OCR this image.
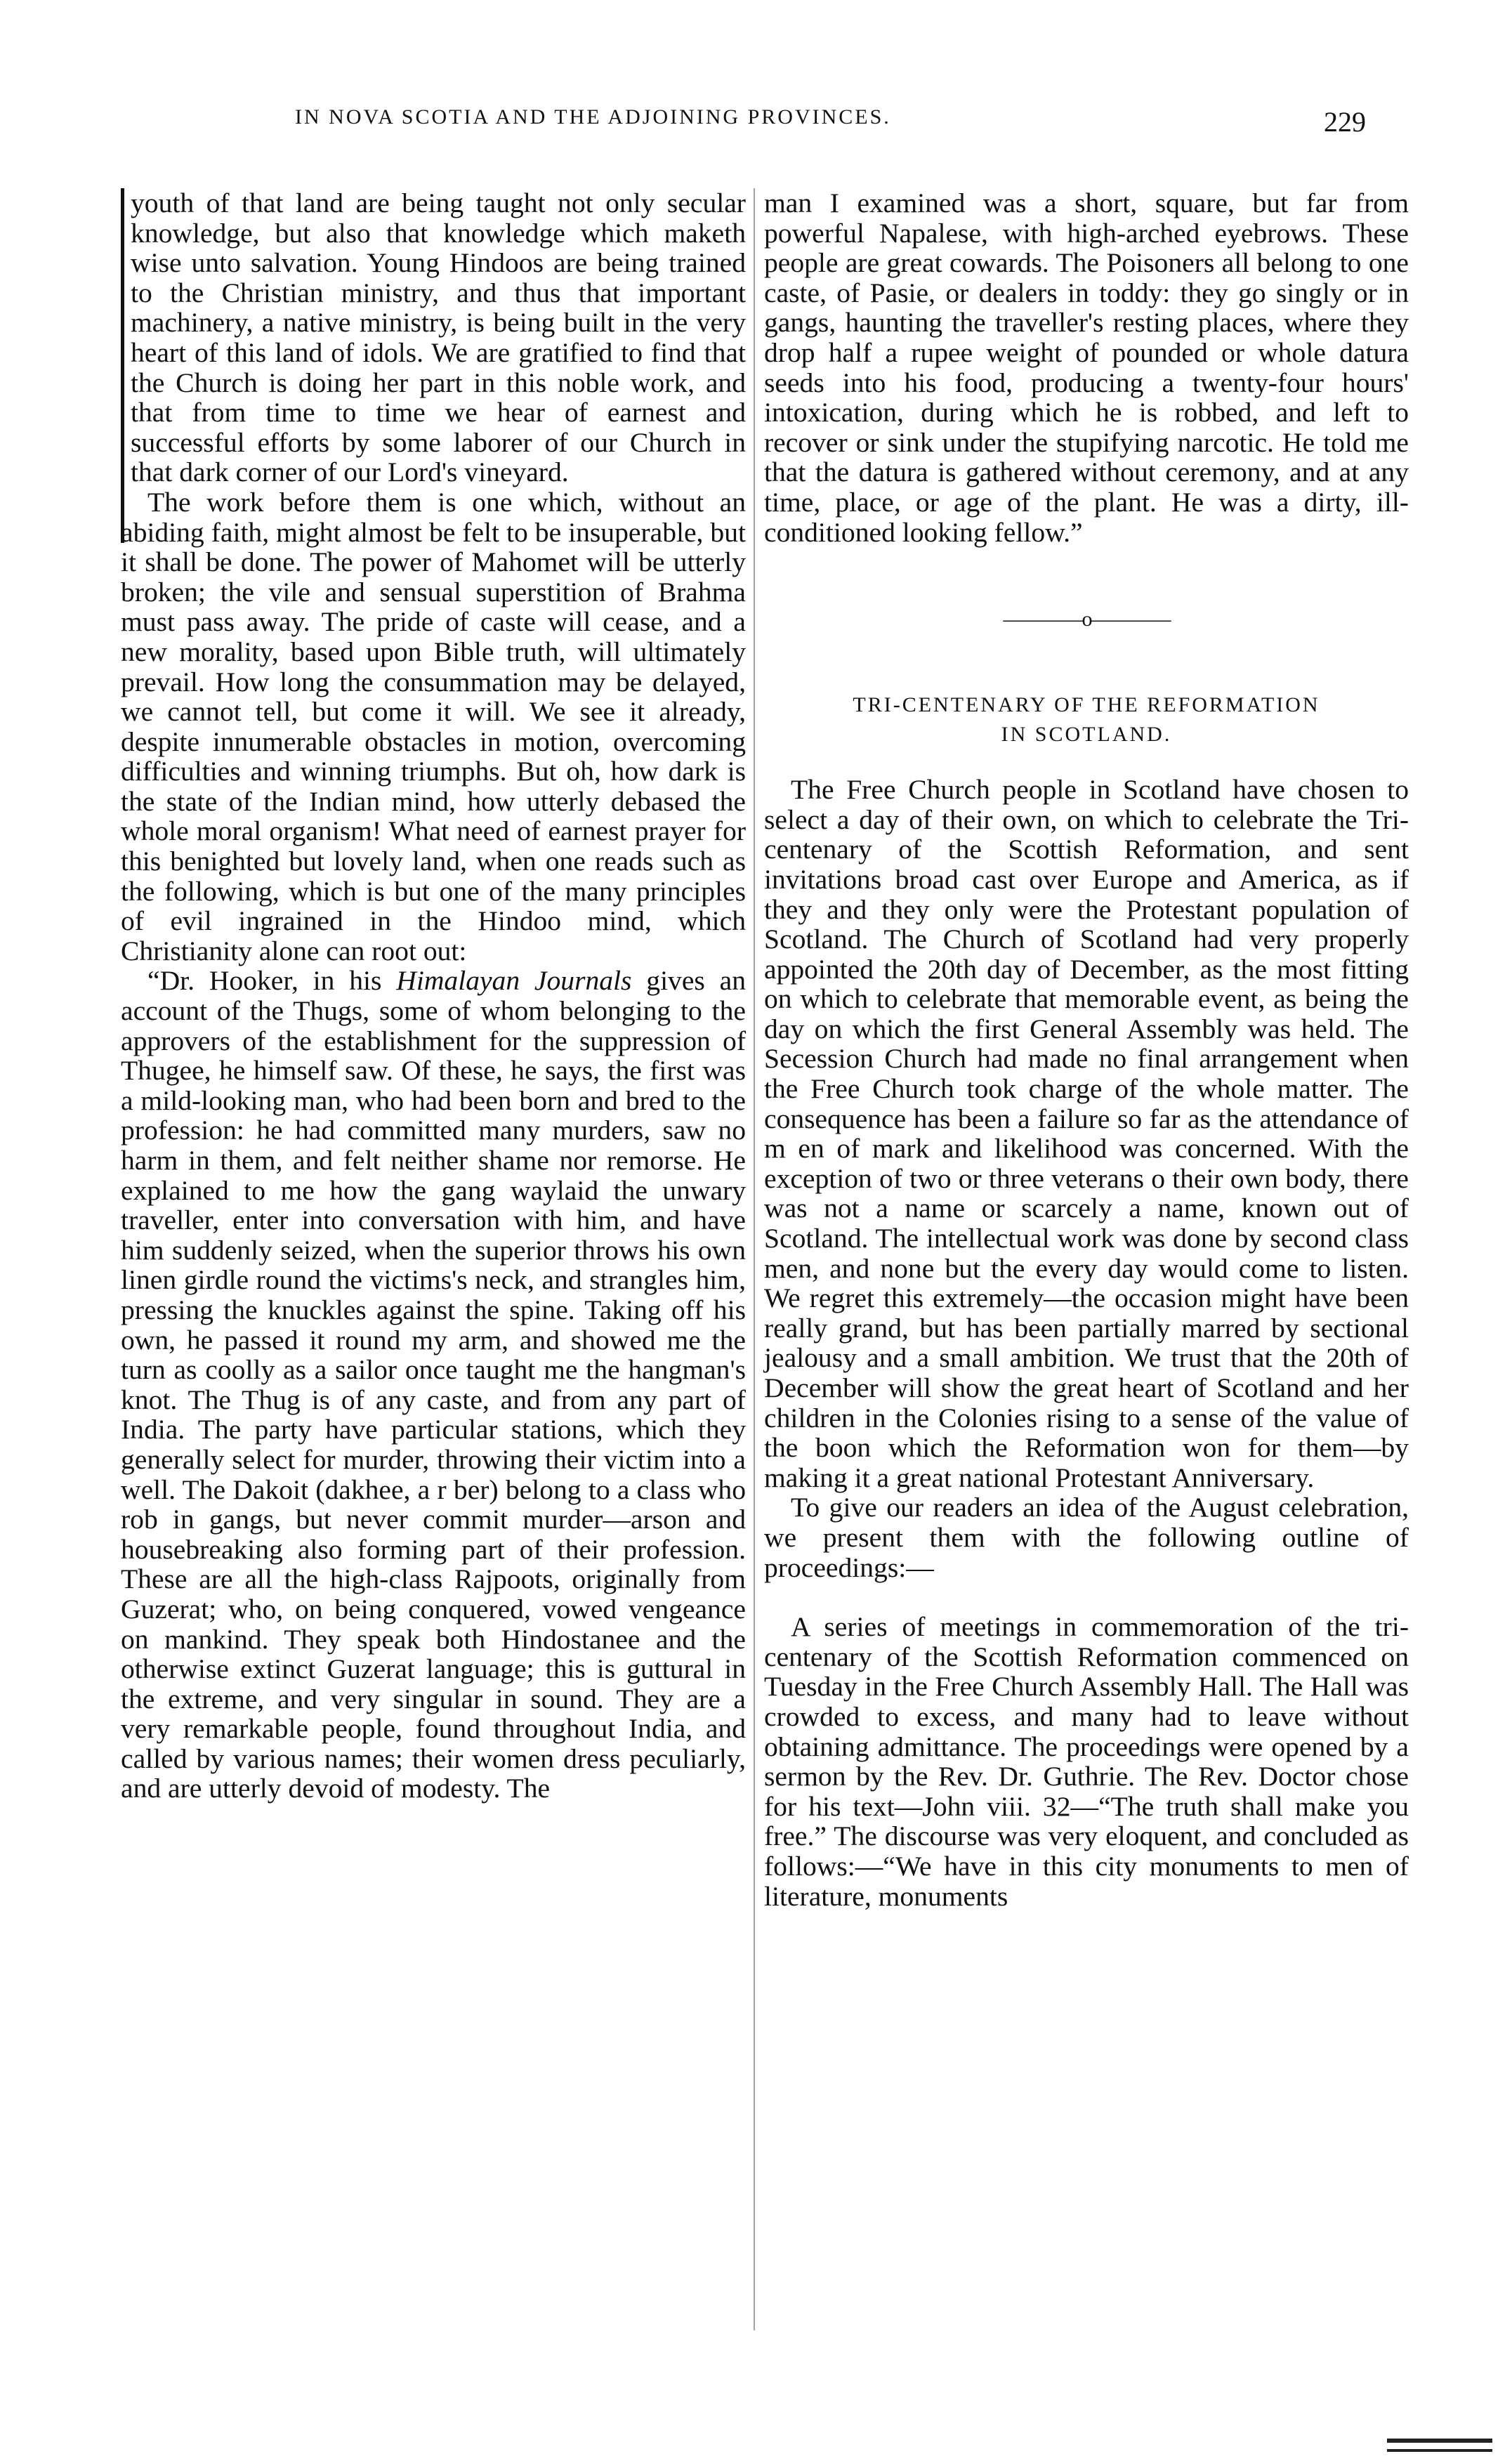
IN NOVA SCOTIA AND THE ADJOINING PROVINCES.	229

youth of that land are being taught not only secular knowledge, but also that knowledge which maketh wise unto salvation. Young Hindoos are being trained to the Christian ministry, and thus that important machinery, a native ministry, is being built in the very heart of this land of idols. We are gratified to find that the Church is doing her part in this noble work, and that from time to time we hear of earnest and successful efforts by some laborer of our Church in that dark corner of our Lord's vineyard.

The work before them is one which, without an abiding faith, might almost be felt to be insuperable, but it shall be done. The power of Mahomet will be utterly broken; the vile and sensual superstition of Brahma must pass away. The pride of caste will cease, and a new morality, based upon Bible truth, will ultimately prevail. How long the consummation may be delayed, we cannot tell, but come it will. We see it already, despite innumerable obstacles in motion, overcoming difficulties and winning triumphs. But oh, how dark is the state of the Indian mind, how utterly debased the whole moral organism! What need of earnest prayer for this benighted but lovely land, when one reads such as the following, which is but one of the many principles of evil ingrained in the Hindoo mind, which Christianity alone can root out:

“Dr. Hooker, in his Himalayan Journals gives an account of the Thugs, some of whom belonging to the approvers of the establishment for the suppression of Thugee, he himself saw. Of these, he says, the first was a mild-looking man, who had been born and bred to the profession: he had committed many murders, saw no harm in them, and felt neither shame nor remorse. He explained to me how the gang waylaid the unwary traveller, enter into conversation with him, and have him suddenly seized, when the superior throws his own linen girdle round the victims's neck, and strangles him, pressing the knuckles against the spine. Taking off his own, he passed it round my arm, and showed me the turn as coolly as a sailor once taught me the hangman's knot. The Thug is of any caste, and from any part of India. The party have particular stations, which they generally select for murder, throwing their victim into a well. The Dakoit (dakhee, a r ber) belong to a class who rob in gangs, but never commit murder—arson and housebreaking also forming part of their profession. These are all the high-class Rajpoots, originally from Guzerat; who, on being conquered, vowed vengeance on mankind. They speak both Hindostanee and the otherwise extinct Guzerat language; this is guttural in the extreme, and very singular in sound. They are a very remarkable people, found throughout India, and called by various names; their women dress peculiarly, and are utterly devoid of modesty. The

man I examined was a short, square, but far from powerful Napalese, with high-arched eyebrows. These people are great cowards. The Poisoners all belong to one caste, of Pasie, or dealers in toddy: they go singly or in gangs, haunting the traveller's resting places, where they drop half a rupee weight of pounded or whole datura seeds into his food, producing a twenty-four hours' intoxication, during which he is robbed, and left to recover or sink under the stupifying narcotic. He told me that the datura is gathered without ceremony, and at any time, place, or age of the plant. He was a dirty, ill-conditioned looking fellow.”

————o————
TRI-CENTENARY OF THE REFORMATION
IN SCOTLAND.

The Free Church people in Scotland have chosen to select a day of their own, on which to celebrate the Tri-centenary of the Scottish Reformation, and sent invitations broad cast over Europe and America, as if they and they only were the Protestant population of Scotland. The Church of Scotland had very properly appointed the 20th day of December, as the most fitting on which to celebrate that memorable event, as being the day on which the first General Assembly was held. The Secession Church had made no final arrangement when the Free Church took charge of the whole matter. The consequence has been a failure so far as the attendance of m en of mark and likelihood was concerned. With the exception of two or three veterans o their own body, there was not a name or scarcely a name, known out of Scotland. The intellectual work was done by second class men, and none but the every day would come to listen. We regret this extremely—the occasion might have been really grand, but has been partially marred by sectional jealousy and a small ambition. We trust that the 20th of December will show the great heart of Scotland and her children in the Colonies rising to a sense of the value of the boon which the Reformation won for them—by making it a great national Protestant Anniversary.

To give our readers an idea of the August celebration, we present them with the following outline of proceedings:—

A series of meetings in commemoration of the tri-centenary of the Scottish Reformation commenced on Tuesday in the Free Church Assembly Hall. The Hall was crowded to excess, and many had to leave without obtaining admittance. The proceedings were opened by a sermon by the Rev. Dr. Guthrie. The Rev. Doctor chose for his text—John viii. 32—“The truth shall make you free.” The discourse was very eloquent, and concluded as follows:—“We have in this city monuments to men of literature, monuments
